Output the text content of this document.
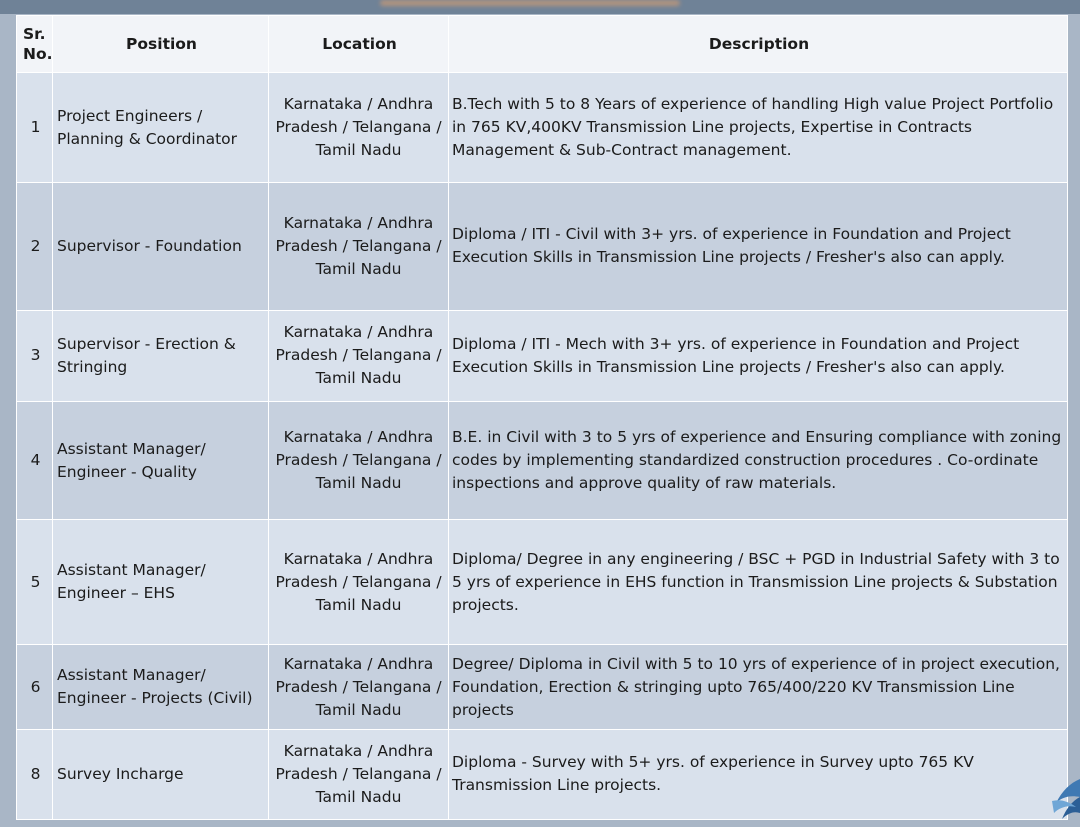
Sr.
No.	Position	Location	Description
1	Project Engineers / Planning & Coordinator	Karnataka / Andhra Pradesh / Telangana / Tamil Nadu	B.Tech with 5 to 8 Years of experience of handling High value Project Portfolio in 765 KV,400KV Transmission Line projects, Expertise in Contracts Management & Sub-Contract management.
2	Supervisor - Foundation	Karnataka / Andhra Pradesh / Telangana / Tamil Nadu	Diploma / ITI - Civil with 3+ yrs. of experience in Foundation and Project Execution Skills in Transmission Line projects / Fresher's also can apply.
3	Supervisor - Erection & Stringing	Karnataka / Andhra Pradesh / Telangana / Tamil Nadu	Diploma / ITI - Mech with 3+ yrs. of experience in Foundation and Project Execution Skills in Transmission Line projects / Fresher's also can apply.
4	Assistant Manager/ Engineer - Quality	Karnataka / Andhra Pradesh / Telangana / Tamil Nadu	B.E. in Civil with 3 to 5 yrs of experience and Ensuring compliance with zoning codes by implementing standardized construction procedures . Co-ordinate inspections and approve quality of raw materials.
5	Assistant Manager/ Engineer – EHS	Karnataka / Andhra Pradesh / Telangana / Tamil Nadu	Diploma/ Degree in any engineering / BSC + PGD in Industrial Safety with 3 to 5 yrs of experience in EHS function in Transmission Line projects & Substation projects.
6	Assistant Manager/ Engineer - Projects (Civil)	Karnataka / Andhra Pradesh / Telangana / Tamil Nadu	Degree/ Diploma in Civil with 5 to 10 yrs of experience of in project execution, Foundation, Erection & stringing upto 765/400/220 KV Transmission Line projects
8	Survey Incharge	Karnataka / Andhra Pradesh / Telangana / Tamil Nadu	Diploma - Survey with 5+ yrs. of experience in Survey upto 765 KV Transmission Line projects.
